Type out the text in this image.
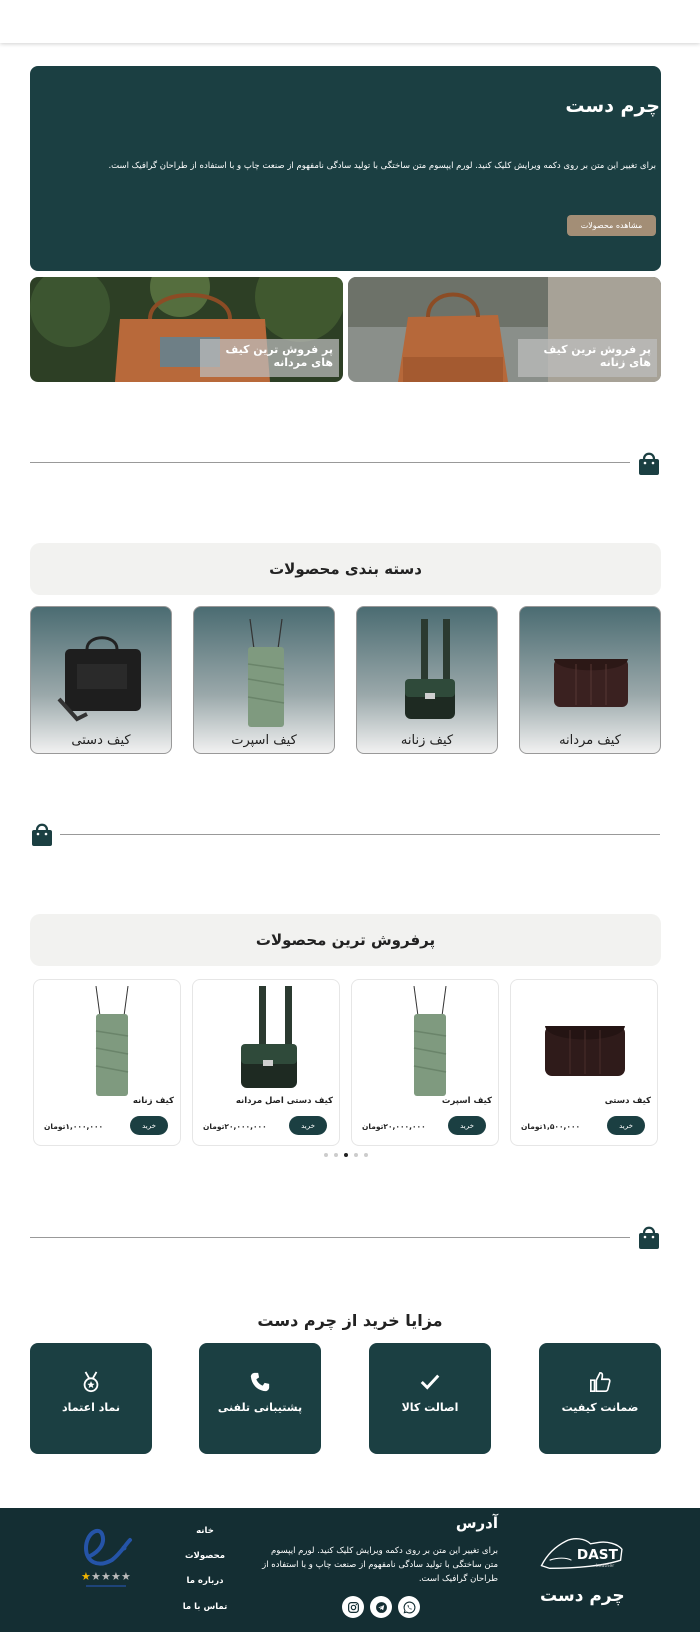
چرم دست
برای تغییر این متن بر روی دکمه ویرایش کلیک کنید. لورم ایپسوم متن ساختگی با تولید سادگی نامفهوم از صنعت چاپ و با استفاده از طراحان گرافیک است.
مشاهده محصولات
پر فروش ترین کیف های زنانه
پر فروش ترین کیف های مردانه
دسته بندی محصولات
کیف مردانه
کیف زنانه
کیف اسپرت
کیف دستی
پرفروش ترین محصولات
کیف دستی
خرید
۱,۵۰۰,۰۰۰تومان
کیف اسپرت
خرید
۲۰,۰۰۰,۰۰۰تومان
کیف دستی اصل مردانه
خرید
۲۰,۰۰۰,۰۰۰تومان
کیف زنانه
خرید
۱,۰۰۰,۰۰۰تومان
مزایا خرید از چرم دست
ضمانت کیفیت
اصالت کالا
پشتیبانی تلفنی
نماد اعتماد
DAST
Leather
چرم دست
آدرس
برای تغییر این متن بر روی دکمه ویرایش کلیک کنید. لورم ایپسوم متن ساختگی با تولید سادگی نامفهوم از صنعت چاپ و با استفاده از طراحان گرافیک است.
خانه
محصولات
درباره ما
تماس با ما
★ ★ ★ ★ ★
